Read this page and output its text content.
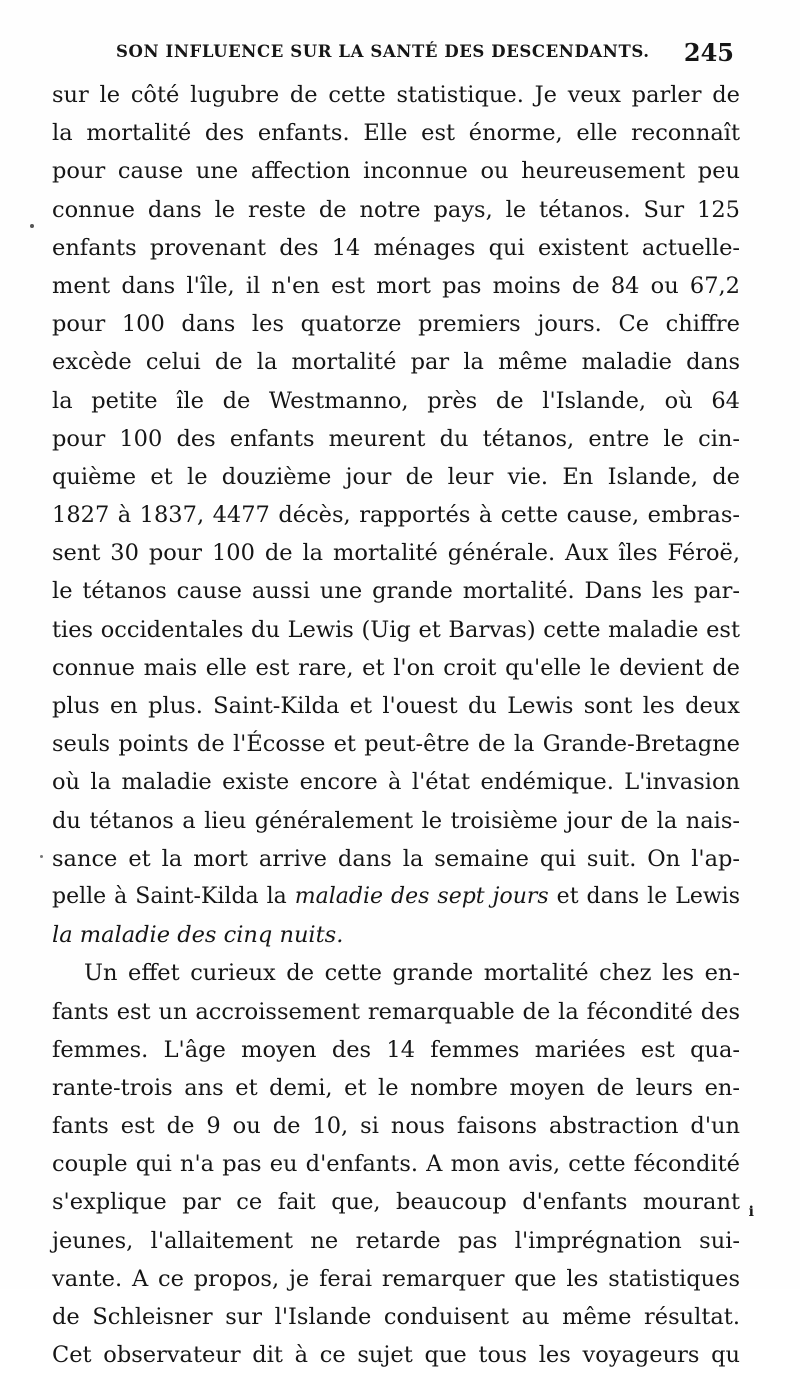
SON INFLUENCE SUR LA SANTÉ DES DESCENDANTS. 245
sur le côté lugubre de cette statistique. Je veux parler de
la mortalité des enfants. Elle est énorme, elle reconnaît
pour cause une affection inconnue ou heureusement peu
connue dans le reste de notre pays, le tétanos. Sur 125
enfants provenant des 14 ménages qui existent actuelle-
ment dans l'île, il n'en est mort pas moins de 84 ou 67,2
pour 100 dans les quatorze premiers jours. Ce chiffre
excède celui de la mortalité par la même maladie dans
la petite île de Westmanno, près de l'Islande, où 64
pour 100 des enfants meurent du tétanos, entre le cin-
quième et le douzième jour de leur vie. En Islande, de
1827 à 1837, 4477 décès, rapportés à cette cause, embras-
sent 30 pour 100 de la mortalité générale. Aux îles Féroë,
le tétanos cause aussi une grande mortalité. Dans les par-
ties occidentales du Lewis (Uig et Barvas) cette maladie est
connue mais elle est rare, et l'on croit qu'elle le devient de
plus en plus. Saint-Kilda et l'ouest du Lewis sont les deux
seuls points de l'Écosse et peut-être de la Grande-Bretagne
où la maladie existe encore à l'état endémique. L'invasion
du tétanos a lieu généralement le troisième jour de la nais-
sance et la mort arrive dans la semaine qui suit. On l'ap-
pelle à Saint-Kilda la maladie des sept jours et dans le Lewis
la maladie des cinq nuits.
Un effet curieux de cette grande mortalité chez les en-
fants est un accroissement remarquable de la fécondité des
femmes. L'âge moyen des 14 femmes mariées est qua-
rante-trois ans et demi, et le nombre moyen de leurs en-
fants est de 9 ou de 10, si nous faisons abstraction d'un
couple qui n'a pas eu d'enfants. A mon avis, cette fécondité
s'explique par ce fait que, beaucoup d'enfants mourant
jeunes, l'allaitement ne retarde pas l'imprégnation sui-
vante. A ce propos, je ferai remarquer que les statistiques
de Schleisner sur l'Islande conduisent au même résultat.
Cet observateur dit à ce sujet que tous les voyageurs qu
i
